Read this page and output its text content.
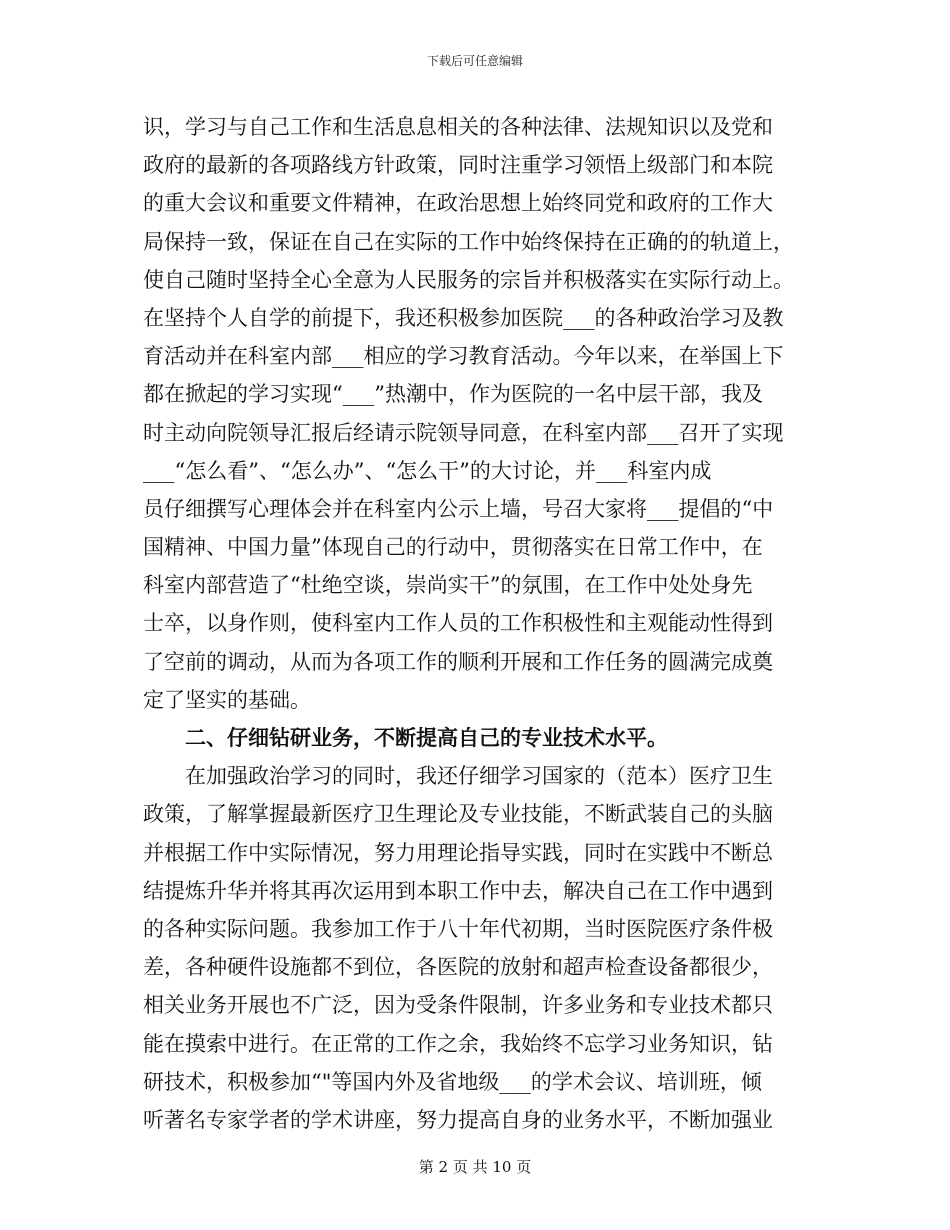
下载后可任意编辑
识，学习与自己工作和生活息息相关的各种法律、法规知识以及党和
政府的最新的各项路线方针政策，同时注重学习领悟上级部门和本院
的重大会议和重要文件精神，在政治思想上始终同党和政府的工作大
局保持一致，保证在自己在实际的工作中始终保持在正确的的轨道上，
使自己随时坚持全心全意为人民服务的宗旨并积极落实在实际行动上。
在坚持个人自学的前提下，我还积极参加医院___的各种政治学习及教
育活动并在科室内部___相应的学习教育活动。今年以来，在举国上下
都在掀起的学习实现“___”热潮中，作为医院的一名中层干部，我及
时主动向院领导汇报后经请示院领导同意，在科室内部___召开了实现
___“怎么看”、“怎么办”、“怎么干”的大讨论，并___科室内成
员仔细撰写心理体会并在科室内公示上墙，号召大家将___提倡的“中
国精神、中国力量”体现自己的行动中，贯彻落实在日常工作中，在
科室内部营造了“杜绝空谈，崇尚实干”的氛围，在工作中处处身先
士卒，以身作则，使科室内工作人员的工作积极性和主观能动性得到
了空前的调动，从而为各项工作的顺利开展和工作任务的圆满完成奠
定了坚实的基础。
二、仔细钻研业务，不断提高自己的专业技术水平。
在加强政治学习的同时，我还仔细学习国家的（范本）医疗卫生
政策，了解掌握最新医疗卫生理论及专业技能，不断武装自己的头脑
并根据工作中实际情况，努力用理论指导实践，同时在实践中不断总
结提炼升华并将其再次运用到本职工作中去，解决自己在工作中遇到
的各种实际问题。我参加工作于八十年代初期，当时医院医疗条件极
差，各种硬件设施都不到位，各医院的放射和超声检查设备都很少，
相关业务开展也不广泛，因为受条件限制，许多业务和专业技术都只
能在摸索中进行。在正常的工作之余，我始终不忘学习业务知识，钻
研技术，积极参加“"等国内外及省地级___的学术会议、培训班，倾
听著名专家学者的学术讲座，努力提高自身的业务水平，不断加强业
第 2 页 共 10 页
